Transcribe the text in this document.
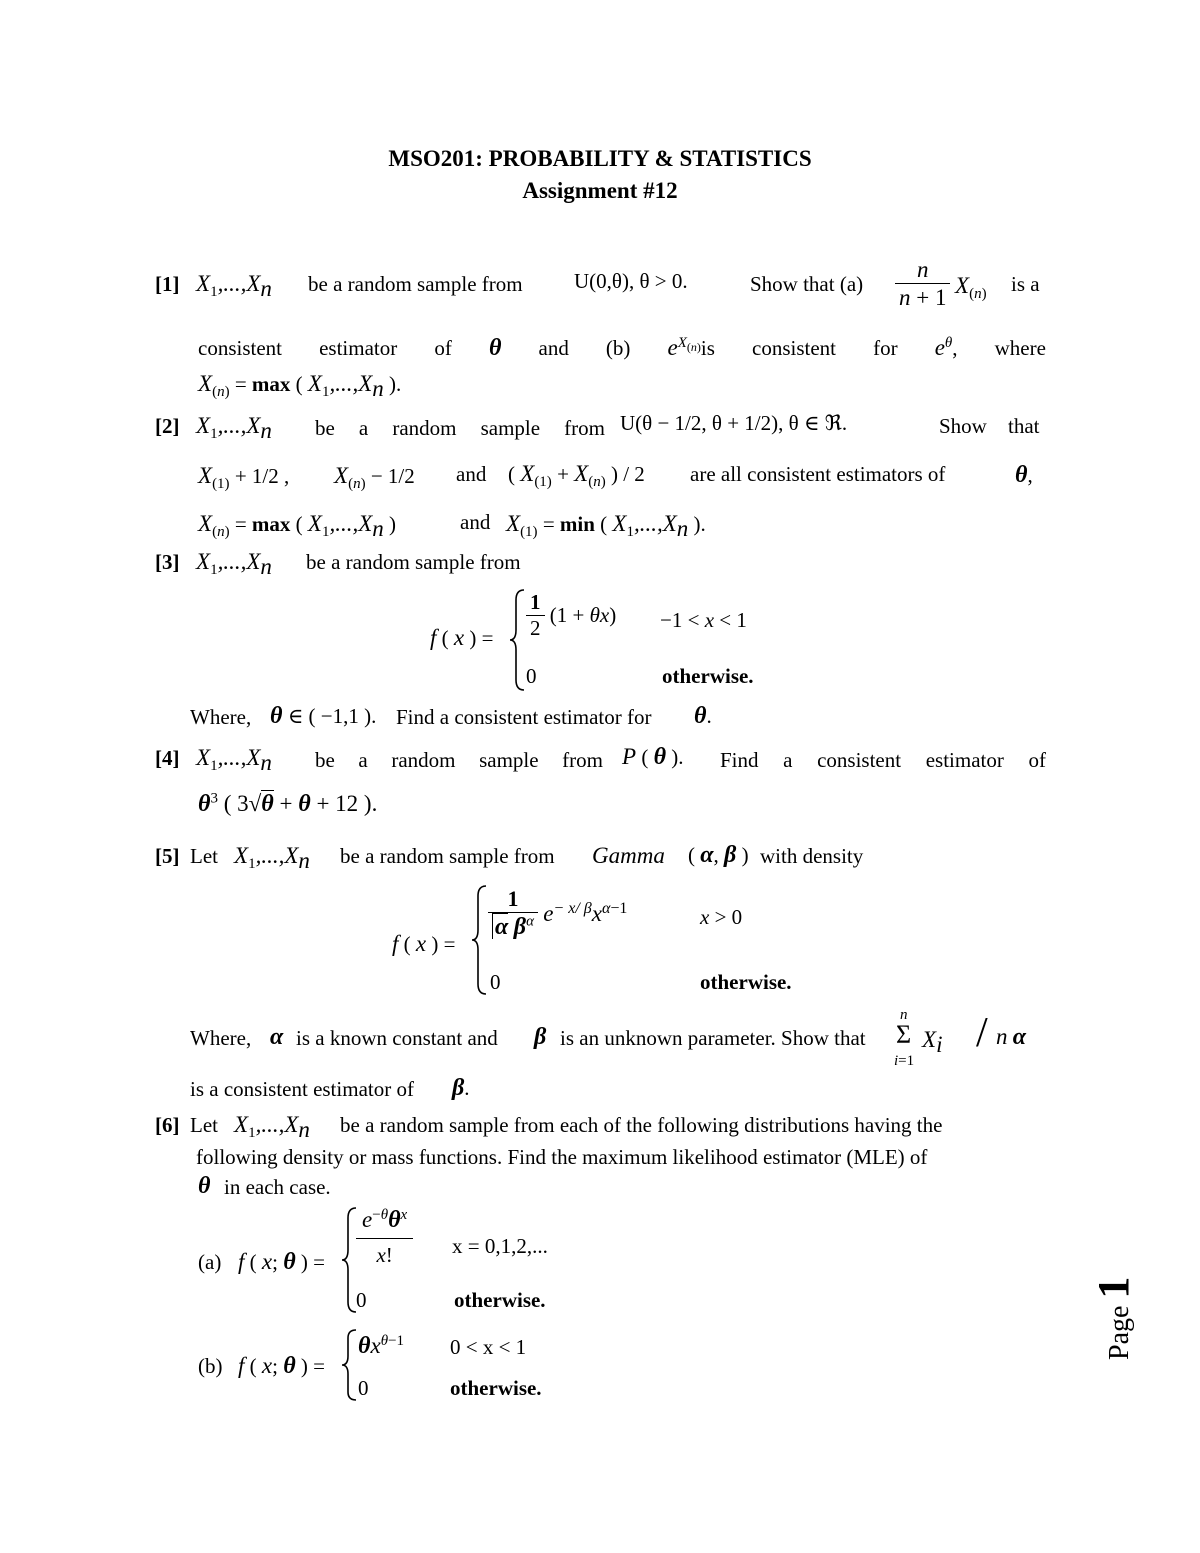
MSO201: PROBABILITY & STATISTICS
Assignment #12
[1] $X_1,...,X_n$ be a random sample from U(0,θ), θ > 0.	Show that $(a) \frac{n}{n + 1} X_{(n)}$ is a
consistent estimator of θ and (b) $e^{X_{(n)}}is$ consistent for $e^\theta$, where
$X_{(n)} = \max$ ( $X_1,...,X_n$ ).
[2] $X_1,...,X_n$ be a random sample from U(θ − 1/2, θ + 1/2), θ ∈ ℜ.	Show that
$X_{(1)} + 1/2$ , $X_{(n)} - 1/2$ and ( $X_{(1)} + X_{(n)}$ ) / 2 are all consistent estimators of	θ,
$X_{(n)} = \max$ ( $X_1,...,X_n$ )	and $X_{(1)} = \min$ ( $X_1,...,X_n$ ).
[3] $X_1,...,X_n$ be a random sample from
f ( x ) = $\frac{1}{2} (1 + \theta x) -1 < x < 1$
0	otherwise.
Where, θ ∈ ( −1,1 ). Find a consistent estimator for θ.
[4] $X_1,...,X_n$ be a random sample from P ( θ ). Find a consistent estimator of
$\theta^3$ ( 3√θ + θ + 12 ).
[5] Let $X_1,...,X_n$ be a random sample from Gamma ( α, β ) with density
f ( x ) =
$\frac{1}{\alpha \beta^\alpha} e^{- x/ \beta}x^{\alpha-1}$	x > 0
0	otherwise.
Where, α is a known constant and β is an unknown parameter. Show that
n
Σ
i=1
$X_i$ / n α
is a consistent estimator of β.
[6] Let $X_1,...,X_n$ be a random sample from each of the following distributions having the
following density or mass functions. Find the maximum likelihood estimator (MLE) of
θ in each case.
(a) f ( x; θ ) = $\frac{e^{-\theta}\theta^x}{x!}$ x = 0,1,2,...
0	otherwise.
(b) f ( x; θ ) =
$\theta x^{\theta-1}$ 0 < x < 1
0	otherwise.
Page 1
